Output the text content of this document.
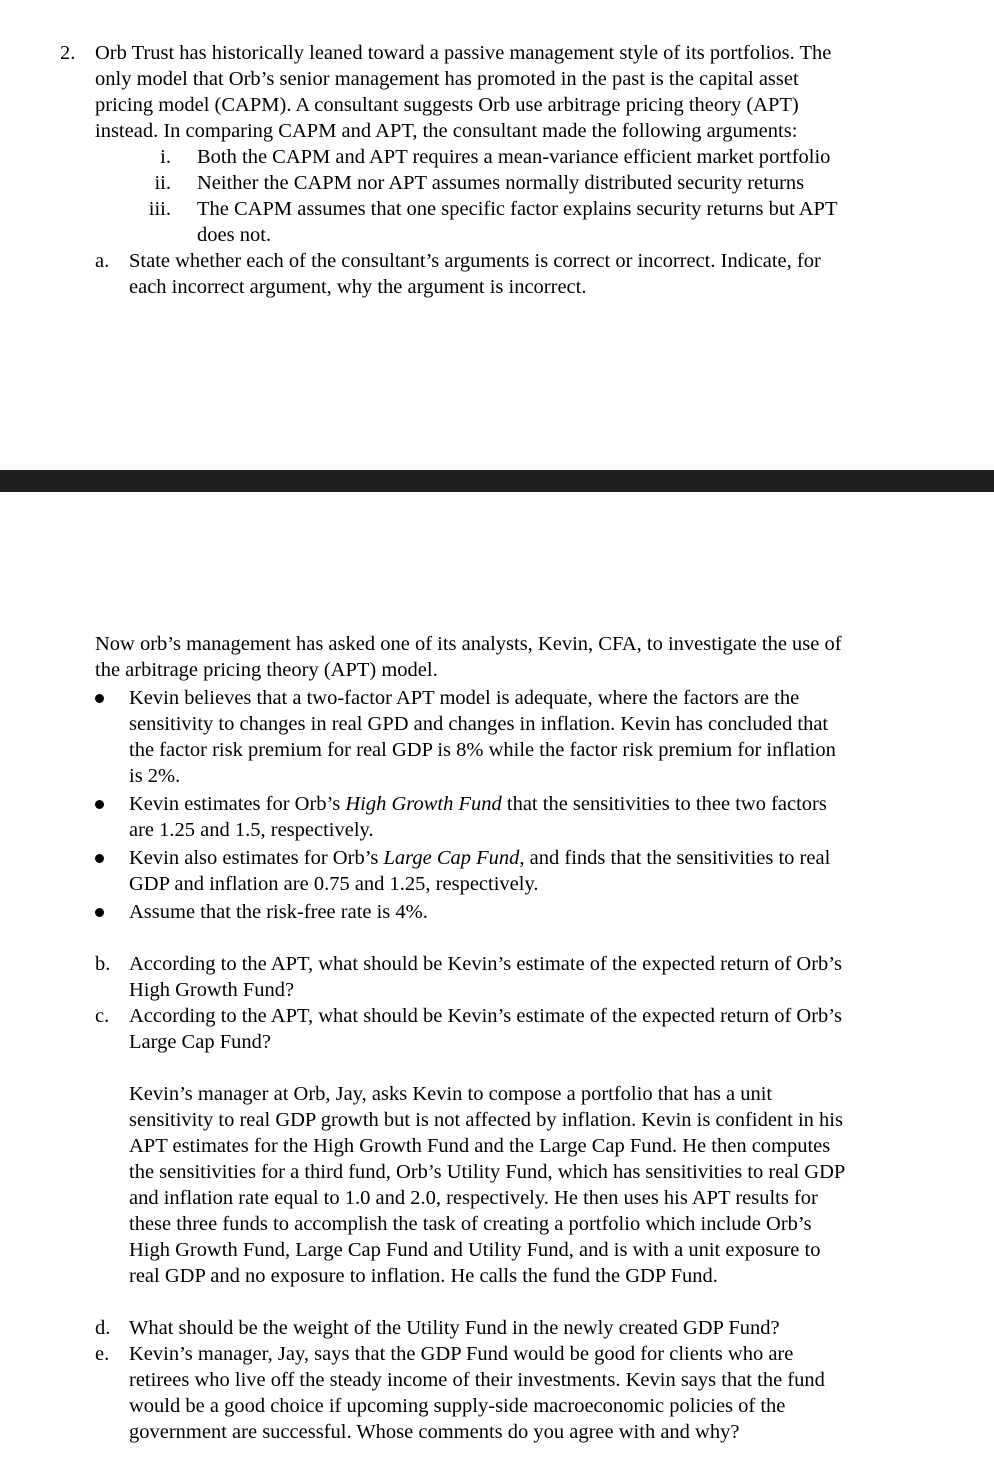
2. Orb Trust has historically leaned toward a passive management style of its portfolios. The
only model that Orb’s senior management has promoted in the past is the capital asset
pricing model (CAPM). A consultant suggests Orb use arbitrage pricing theory (APT)
instead. In comparing CAPM and APT, the consultant made the following arguments:
i. Both the CAPM and APT requires a mean-variance efficient market portfolio
ii. Neither the CAPM nor APT assumes normally distributed security returns
iii. The CAPM assumes that one specific factor explains security returns but APT
does not.
a. State whether each of the consultant’s arguments is correct or incorrect. Indicate, for
each incorrect argument, why the argument is incorrect.
Now orb’s management has asked one of its analysts, Kevin, CFA, to investigate the use of
the arbitrage pricing theory (APT) model.
Kevin believes that a two-factor APT model is adequate, where the factors are the
sensitivity to changes in real GPD and changes in inflation. Kevin has concluded that
the factor risk premium for real GDP is 8% while the factor risk premium for inflation
is 2%.
Kevin estimates for Orb’s High Growth Fund that the sensitivities to thee two factors
are 1.25 and 1.5, respectively.
Kevin also estimates for Orb’s Large Cap Fund, and finds that the sensitivities to real
GDP and inflation are 0.75 and 1.25, respectively.
Assume that the risk-free rate is 4%.
b. According to the APT, what should be Kevin’s estimate of the expected return of Orb’s
High Growth Fund?
c. According to the APT, what should be Kevin’s estimate of the expected return of Orb’s
Large Cap Fund?
Kevin’s manager at Orb, Jay, asks Kevin to compose a portfolio that has a unit
sensitivity to real GDP growth but is not affected by inflation. Kevin is confident in his
APT estimates for the High Growth Fund and the Large Cap Fund. He then computes
the sensitivities for a third fund, Orb’s Utility Fund, which has sensitivities to real GDP
and inflation rate equal to 1.0 and 2.0, respectively. He then uses his APT results for
these three funds to accomplish the task of creating a portfolio which include Orb’s
High Growth Fund, Large Cap Fund and Utility Fund, and is with a unit exposure to
real GDP and no exposure to inflation. He calls the fund the GDP Fund.
d. What should be the weight of the Utility Fund in the newly created GDP Fund?
e. Kevin’s manager, Jay, says that the GDP Fund would be good for clients who are
retirees who live off the steady income of their investments. Kevin says that the fund
would be a good choice if upcoming supply-side macroeconomic policies of the
government are successful. Whose comments do you agree with and why?
